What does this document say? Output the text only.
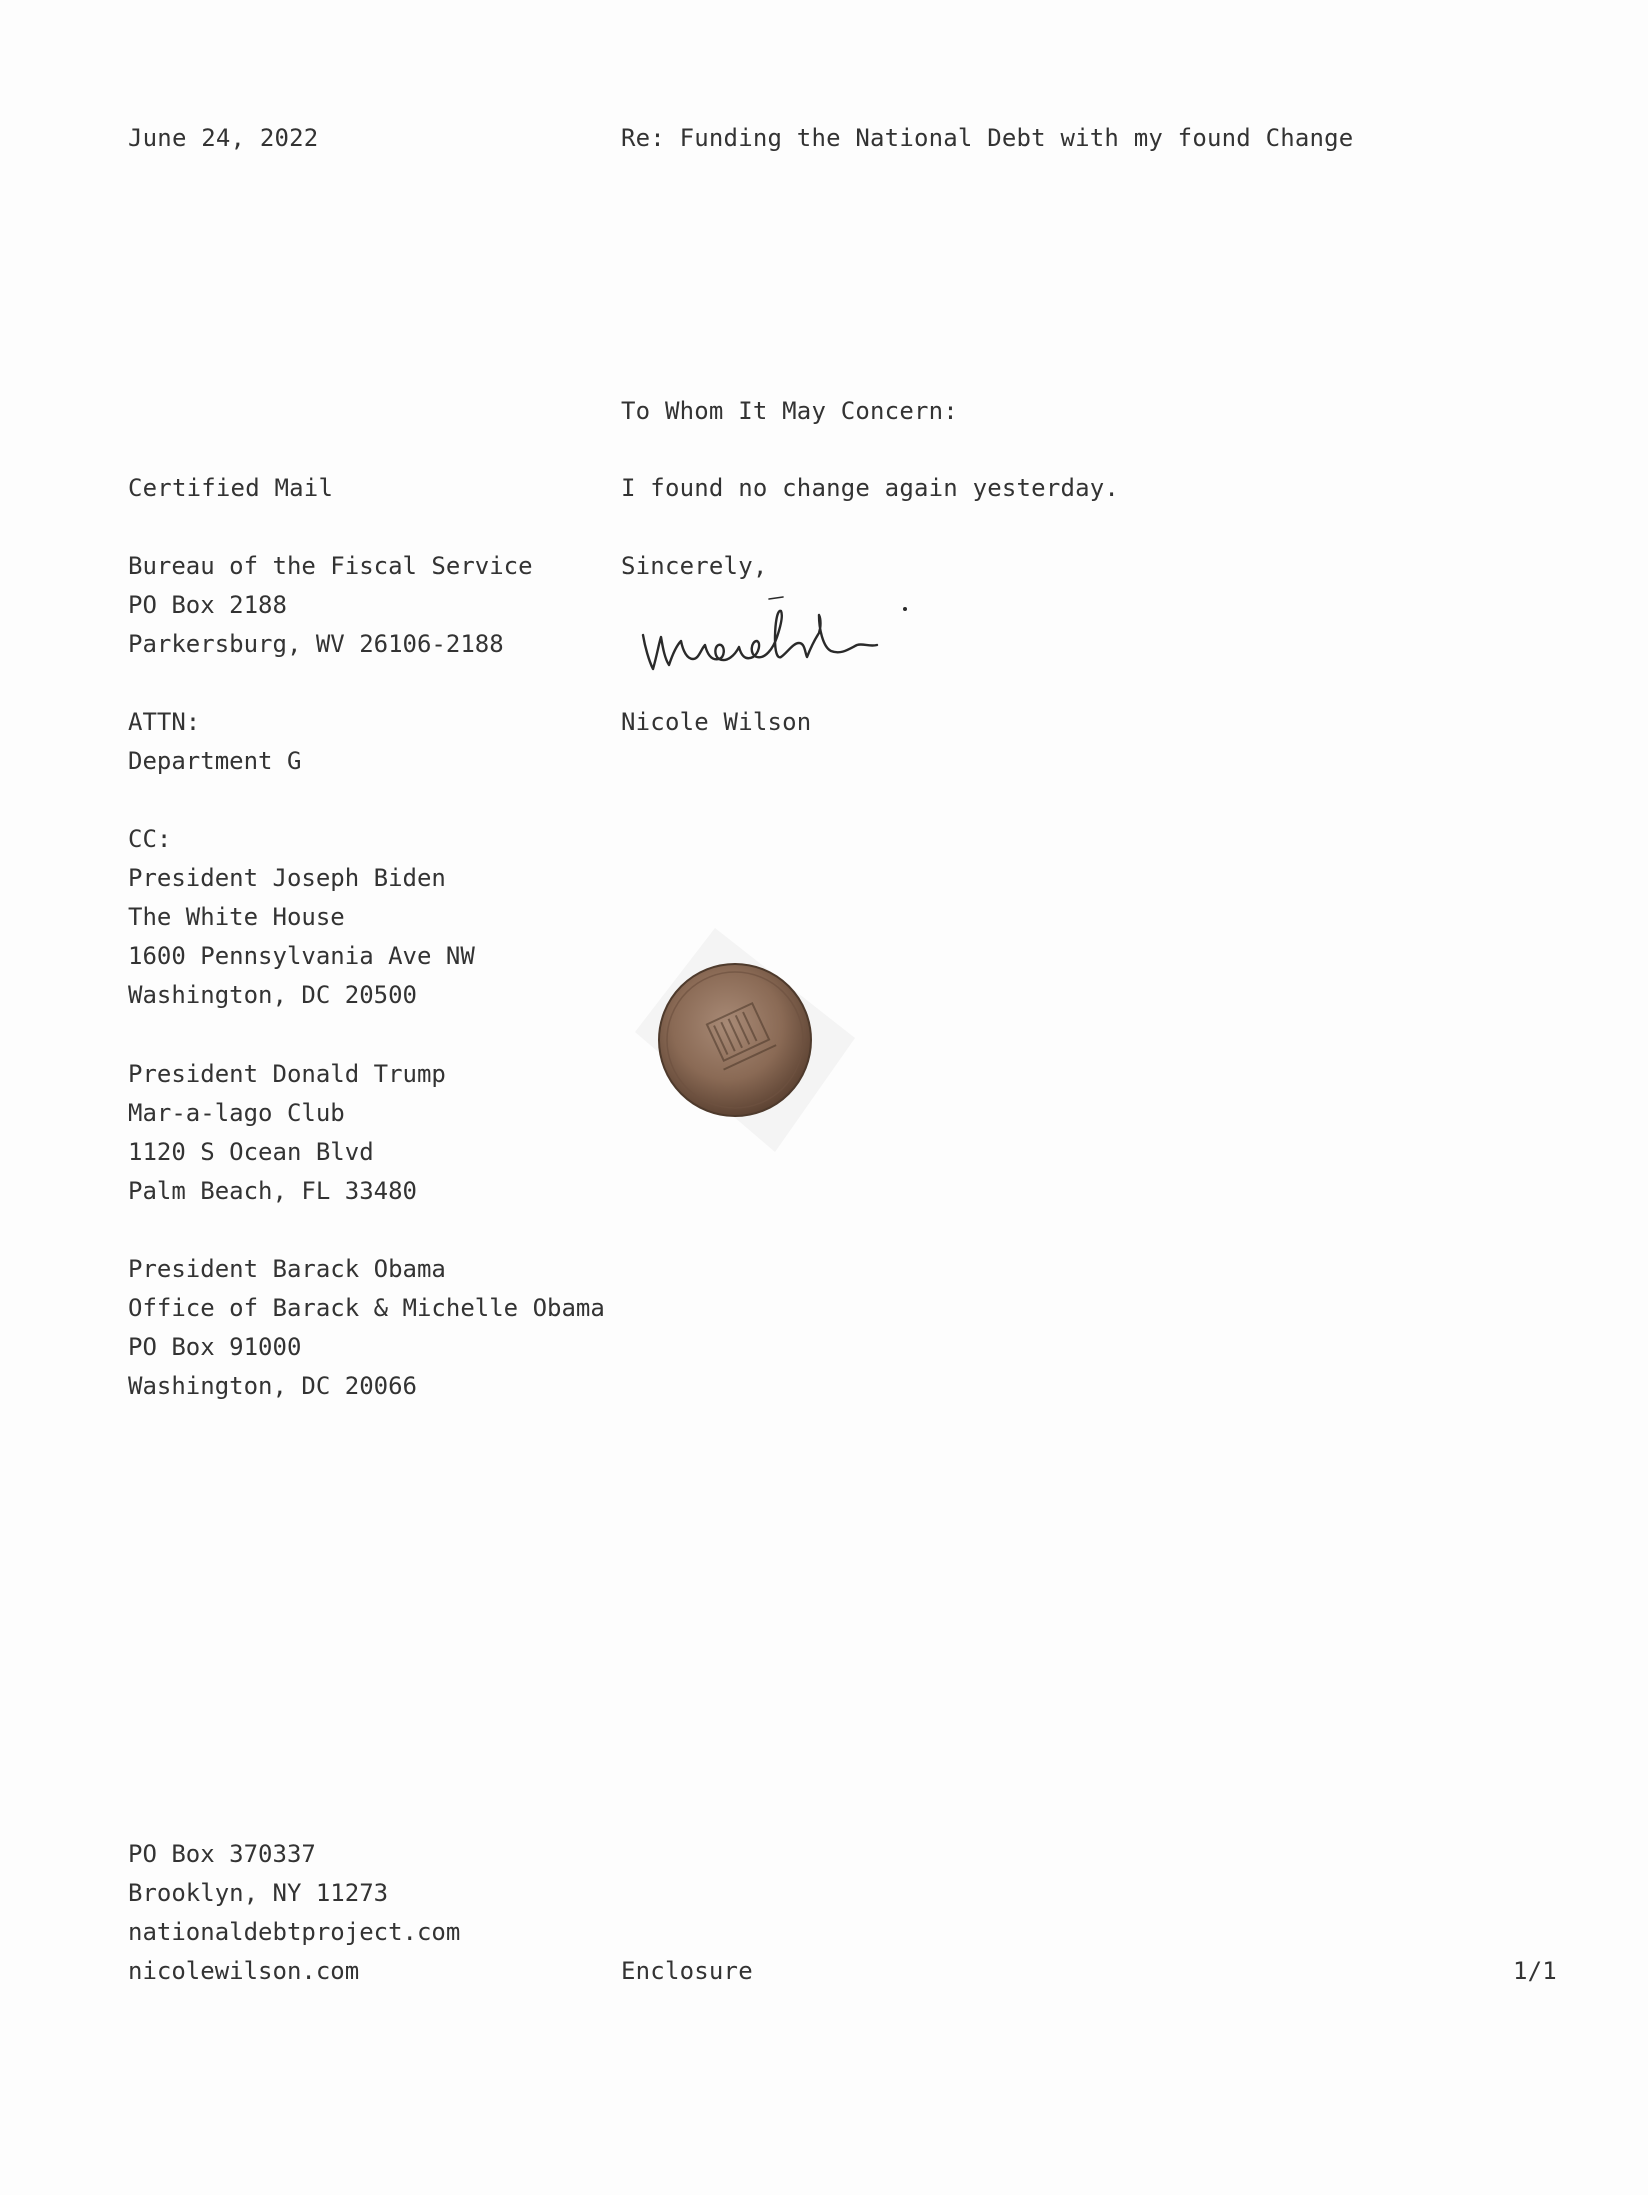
June 24, 2022	Re: Funding the National Debt with my found Change
To Whom It May Concern:
I found no change again yesterday.
Sincerely,
Nicole Wilson
Certified Mail
Bureau of the Fiscal Service
PO Box 2188
Parkersburg, WV 26106-2188
ATTN:
Department G
CC:
President Joseph Biden
The White House
1600 Pennsylvania Ave NW
Washington, DC 20500
President Donald Trump
Mar-a-lago Club
1120 S Ocean Blvd
Palm Beach, FL 33480
President Barack Obama
Office of Barack & Michelle Obama
PO Box 91000
Washington, DC 20066
PO Box 370337
Brooklyn, NY 11273
nationaldebtproject.com
nicolewilson.com	Enclosure	1/1
